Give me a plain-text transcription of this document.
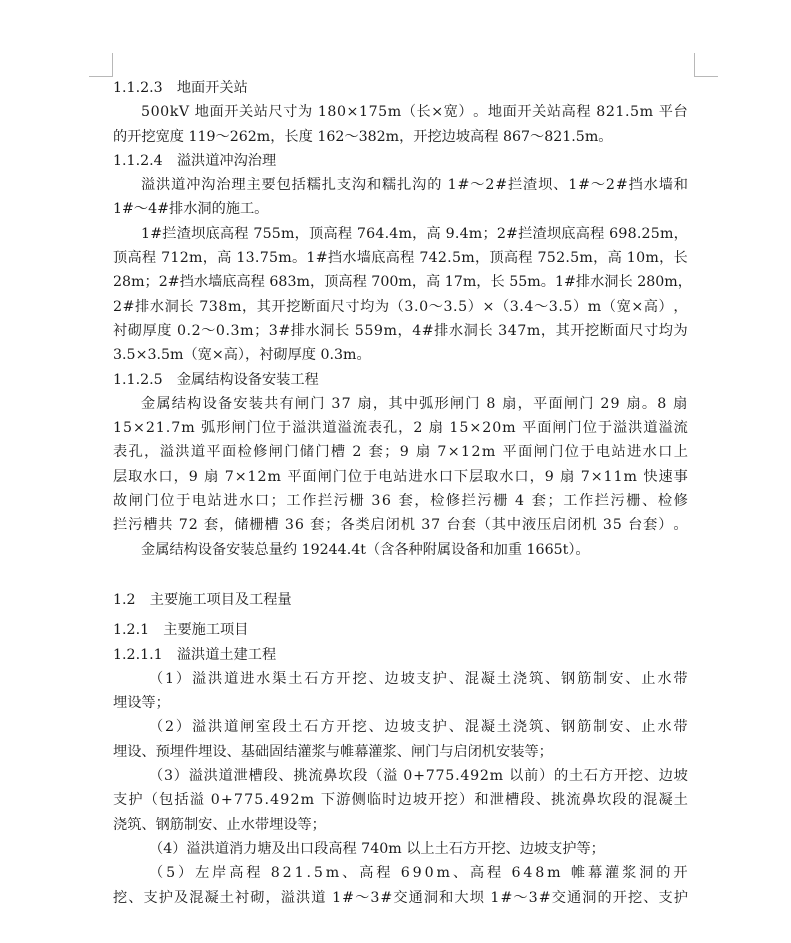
1.1.2.3　地面开关站
5 0 0 k V
地 面 开 关 站 尺 寸 为
1 8 0 × 1 7 5 m （ 长 × 宽 ） 。 地 面 开 关 站 高 程
8 2 1 . 5 m
平 台
的开挖宽度 119～262m，长度 162～382m，开挖边坡高程 867～821.5m。
1.1.2.4　溢洪道冲沟治理
溢 洪 道 冲 沟 治 理 主 要 包 括 糯 扎 支 沟 和 糯 扎 沟 的
1 # ～ 2 # 拦 渣 坝 、 1 # ～ 2 # 挡 水 墙 和
1#～4#排水洞的施工。
1 # 拦 渣 坝 底 高 程
7 5 5 m ， 顶 高 程
7 6 4 . 4 m ， 高
9 . 4 m ； 2 # 拦 渣 坝 底 高 程
6 9 8 . 2 5 m ，
顶 高 程
7 1 2 m ， 高
1 3 . 7 5 m 。 1 # 挡 水 墙 底 高 程
7 4 2 . 5 m ， 顶 高 程
7 5 2 . 5 m ， 高
1 0 m ， 长
2 8 m ； 2 # 挡 水 墙 底 高 程
6 8 3 m ， 顶 高 程
7 0 0 m ， 高
1 7 m ， 长
5 5 m 。 1 # 排 水 洞 长
2 8 0 m ，
2 # 排 水 洞 长
7 3 8 m ， 其 开 挖 断 面 尺 寸 均 为 （ 3 . 0 ～ 3 . 5 ） × （ 3 . 4 ～ 3 . 5 ） m （ 宽 × 高 ） ，
衬 砌 厚 度
0 . 2 ～ 0 . 3 m ； 3 # 排 水 洞 长
5 5 9 m ， 4 # 排 水 洞 长
3 4 7 m ， 其 开 挖 断 面 尺 寸 均 为
3.5×3.5m（宽×高），衬砌厚度 0.3m。
1.1.2.5　金属结构设备安装工程
金 属 结 构 设 备 安 装 共 有 闸 门
3 7
扇 ， 其 中 弧 形 闸 门
8
扇 ， 平 面 闸 门
2 9
扇 。 8
扇
1 5 × 2 1 . 7 m
弧 形 闸 门 位 于 溢 洪 道 溢 流 表 孔 ， 2
扇
1 5 × 2 0 m
平 面 闸 门 位 于 溢 洪 道 溢 流
表 孔 ， 溢 洪 道 平 面 检 修 闸 门 储 门 槽
2
套 ； 9
扇
7 × 1 2 m
平 面 闸 门 位 于 电 站 进 水 口 上
层 取 水 口 ， 9
扇
7 × 1 2 m
平 面 闸 门 位 于 电 站 进 水 口 下 层 取 水 口 ， 9
扇
7 × 1 1 m
快 速 事
故 闸 门 位 于 电 站 进 水 口 ； 工 作 拦 污 栅
3 6
套 ， 检 修 拦 污 栅
4
套 ； 工 作 拦 污 栅 、 检 修
拦 污 槽 共
7 2
套 ， 储 栅 槽
3 6
套 ； 各 类 启 闭 机
3 7
台 套 （ 其 中 液 压 启 闭 机
3 5
台 套 ） 。
金属结构设备安装总量约 19244.4t（含各种附属设备和加重 1665t）。
1.2　主要施工项目及工程量
1.2.1　主要施工项目
1.2.1.1　溢洪道土建工程
（ 1 ） 溢 洪 道 进 水 渠 土 石 方 开 挖 、 边 坡 支 护 、 混 凝 土 浇 筑 、 钢 筋 制 安 、 止 水 带
埋设等；
（ 2 ） 溢 洪 道 闸 室 段 土 石 方 开 挖 、 边 坡 支 护 、 混 凝 土 浇 筑 、 钢 筋 制 安 、 止 水 带
埋设、预埋件埋设、基础固结灌浆与帷幕灌浆、闸门与启闭机安装等；
（ 3 ） 溢 洪 道 泄 槽 段 、 挑 流 鼻 坎 段 （ 溢
0 + 7 7 5 . 4 9 2 m
以 前 ） 的 土 石 方 开 挖 、 边 坡
支 护 （ 包 括 溢
0 + 7 7 5 . 4 9 2 m
下 游 侧 临 时 边 坡 开 挖 ） 和 泄 槽 段 、 挑 流 鼻 坎 段 的 混 凝 土
浇筑、钢筋制安、止水带埋设等；
（4）溢洪道消力塘及出口段高程 740m 以上土石方开挖、边坡支护等；
（ 5 ） 左 岸 高 程
8 2 1 . 5 m 、 高 程
6 9 0 m 、 高 程
6 4 8 m
帷 幕 灌 浆 洞 的 开
挖 、 支 护 及 混 凝 土 衬 砌 ， 溢 洪 道
1 # ～ 3 # 交 通 洞 和 大 坝
1 # ～ 3 # 交 通 洞 的 开 挖 、 支 护
